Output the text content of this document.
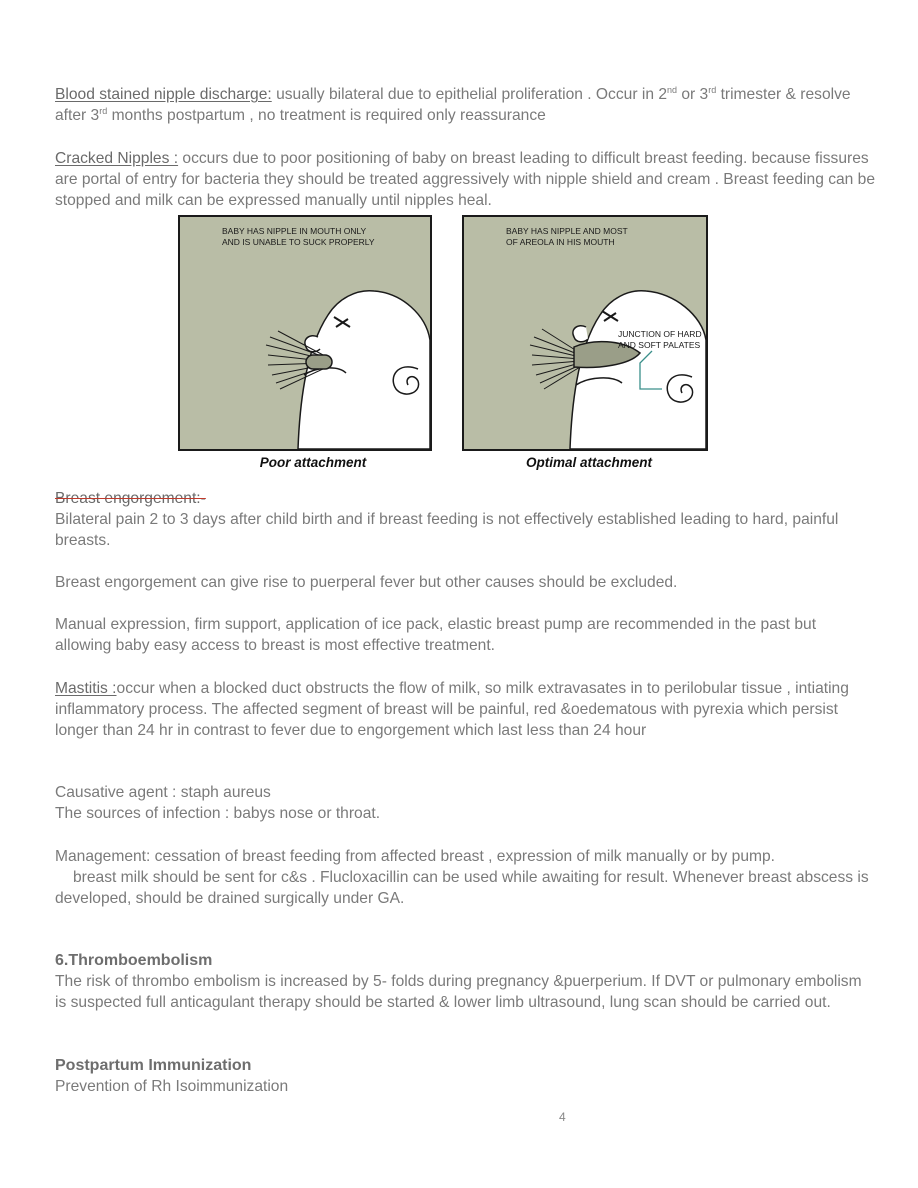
Blood stained nipple discharge: usually bilateral due to epithelial proliferation . Occur in 2nd or 3rd trimester & resolve after 3rd months postpartum , no treatment is required only reassurance

Cracked Nipples : occurs due to poor positioning of baby on breast leading to difficult breast feeding. because fissures are portal of entry for bacteria they should be treated aggressively with nipple shield and cream . Breast feeding can be stopped and milk can be expressed manually until nipples heal.

BABY HAS NIPPLE IN MOUTH ONLY
AND IS UNABLE TO SUCK PROPERLY
Poor attachment
BABY HAS NIPPLE AND MOST
OF AREOLA IN HIS MOUTH
JUNCTION OF HARD
AND SOFT PALATES
Optimal attachment

Breast engorgement:-
Bilateral pain 2 to 3 days after child birth and if breast feeding is not effectively established leading to hard, painful breasts.

Breast engorgement can give rise to puerperal fever but other causes should be excluded.

Manual expression, firm support, application of ice pack, elastic breast pump are recommended in the past but allowing baby easy access to breast is most effective treatment.

Mastitis :occur when a blocked duct obstructs the flow of milk, so milk extravasates in to perilobular tissue , intiating inflammatory process. The affected segment of breast will be painful, red &oedematous with pyrexia which persist longer than 24 hr in contrast to fever due to engorgement which last less than 24 hour

Causative agent : staph aureus
The sources of infection : babys nose or throat.

Management: cessation of breast feeding from affected breast , expression of milk manually or by pump.
breast milk should be sent for c&s . Flucloxacillin can be used while awaiting for result. Whenever breast abscess is developed, should be drained surgically under GA.

6.Thromboembolism
The risk of thrombo embolism is increased by 5- folds during pregnancy &puerperium. If DVT or pulmonary embolism is suspected full anticagulant therapy should be started & lower limb ultrasound, lung scan should be carried out.

Postpartum Immunization
Prevention of Rh Isoimmunization

4
